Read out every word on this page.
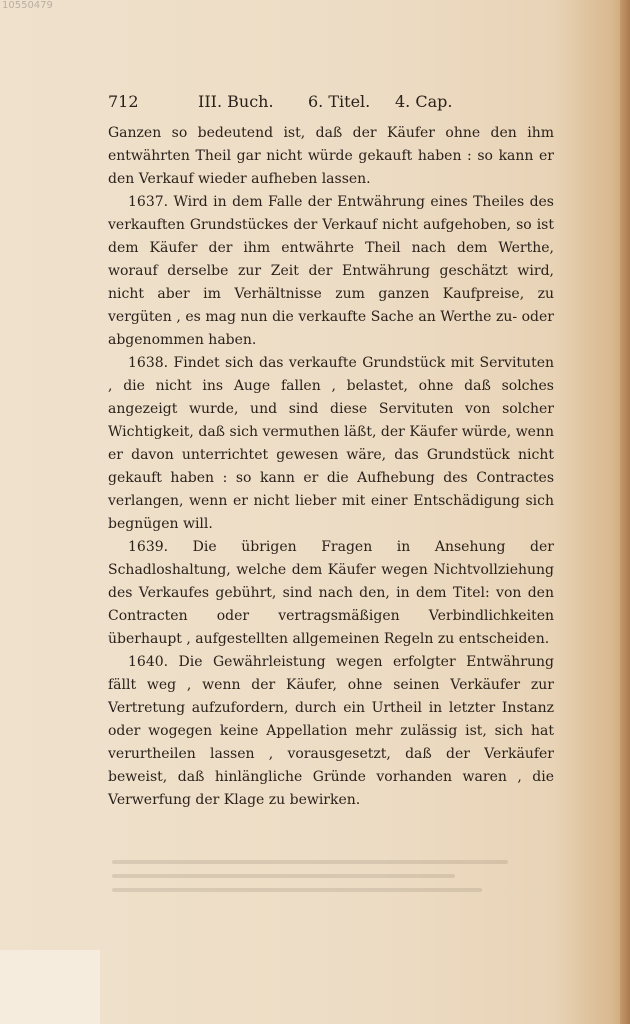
10550479
712	III. Buch. 6. Titel. 4. Cap.

Ganzen so bedeutend ist, daß der Käufer ohne den ihm entwährten Theil gar nicht würde gekauft haben : so kann er den Verkauf wieder aufheben lassen.

1637. Wird in dem Falle der Entwährung eines Theiles des verkauften Grundstückes der Verkauf nicht aufgehoben, so ist dem Käufer der ihm entwährte Theil nach dem Werthe, worauf derselbe zur Zeit der Entwährung geschätzt wird, nicht aber im Verhältnisse zum ganzen Kaufpreise, zu vergüten , es mag nun die verkaufte Sache an Werthe zu- oder abgenommen haben.

1638. Findet sich das verkaufte Grundstück mit Servituten , die nicht ins Auge fallen , belastet, ohne daß solches angezeigt wurde, und sind diese Servituten von solcher Wichtigkeit, daß sich vermuthen läßt, der Käufer würde, wenn er davon unterrichtet gewesen wäre, das Grundstück nicht gekauft haben : so kann er die Aufhebung des Contractes verlangen, wenn er nicht lieber mit einer Entschädigung sich begnügen will.

1639. Die übrigen Fragen in Ansehung der Schadloshaltung, welche dem Käufer wegen Nichtvollziehung des Verkaufes gebührt, sind nach den, in dem Titel: von den Contracten oder vertragsmäßigen Verbindlichkeiten überhaupt , aufgestellten allgemeinen Regeln zu entscheiden.

1640. Die Gewährleistung wegen erfolgter Entwährung fällt weg , wenn der Käufer, ohne seinen Verkäufer zur Vertretung aufzufordern, durch ein Urtheil in letzter Instanz oder wogegen keine Appellation mehr zulässig ist, sich hat verurtheilen lassen , vorausgesetzt, daß der Verkäufer beweist, daß hinlängliche Gründe vorhanden waren , die Verwerfung der Klage zu bewirken.
